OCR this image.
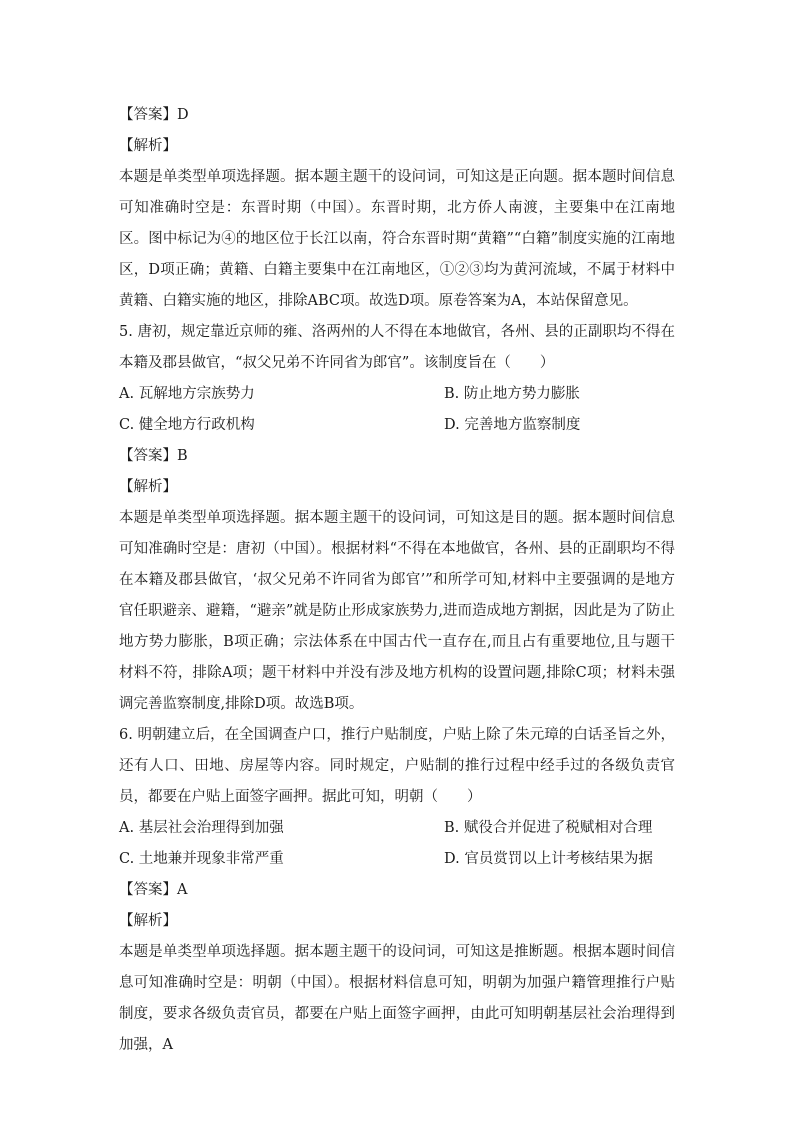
【答案】D
【解析】
本题是单类型单项选择题。据本题主题干的设问词，可知这是正向题。据本题时间信息可知准确时空是：东晋时期（中国）。东晋时期，北方侨人南渡，主要集中在江南地区。图中标记为④的地区位于长江以南，符合东晋时期“黄籍”“白籍”制度实施的江南地区，D项正确；黄籍、白籍主要集中在江南地区，①②③均为黄河流域，不属于材料中黄籍、白籍实施的地区，排除ABC项。故选D项。原卷答案为A，本站保留意见。
5. 唐初，规定靠近京师的雍、洛两州的人不得在本地做官，各州、县的正副职均不得在本籍及郡县做官，“叔父兄弟不许同省为郎官”。该制度旨在（　　）
A. 瓦解地方宗族势力	B. 防止地方势力膨胀
C. 健全地方行政机构	D. 完善地方监察制度
【答案】B
【解析】
本题是单类型单项选择题。据本题主题干的设问词，可知这是目的题。据本题时间信息可知准确时空是：唐初（中国）。根据材料“不得在本地做官，各州、县的正副职均不得在本籍及郡县做官，‘叔父兄弟不许同省为郎官’”和所学可知,材料中主要强调的是地方官任职避亲、避籍，“避亲”就是防止形成家族势力,进而造成地方割据，因此是为了防止地方势力膨胀，B项正确；宗法体系在中国古代一直存在,而且占有重要地位,且与题干材料不符，排除A项；题干材料中并没有涉及地方机构的设置问题,排除C项；材料未强调完善监察制度,排除D项。故选B项。
6. 明朝建立后，在全国调查户口，推行户贴制度，户贴上除了朱元璋的白话圣旨之外，还有人口、田地、房屋等内容。同时规定，户贴制的推行过程中经手过的各级负责官员，都要在户贴上面签字画押。据此可知，明朝（　　）
A. 基层社会治理得到加强	B. 赋役合并促进了税赋相对合理
C. 土地兼并现象非常严重	D. 官员赏罚以上计考核结果为据
【答案】A
【解析】
本题是单类型单项选择题。据本题主题干的设问词，可知这是推断题。根据本题时间信息可知准确时空是：明朝（中国）。根据材料信息可知，明朝为加强户籍管理推行户贴制度，要求各级负责官员，都要在户贴上面签字画押，由此可知明朝基层社会治理得到加强，A
